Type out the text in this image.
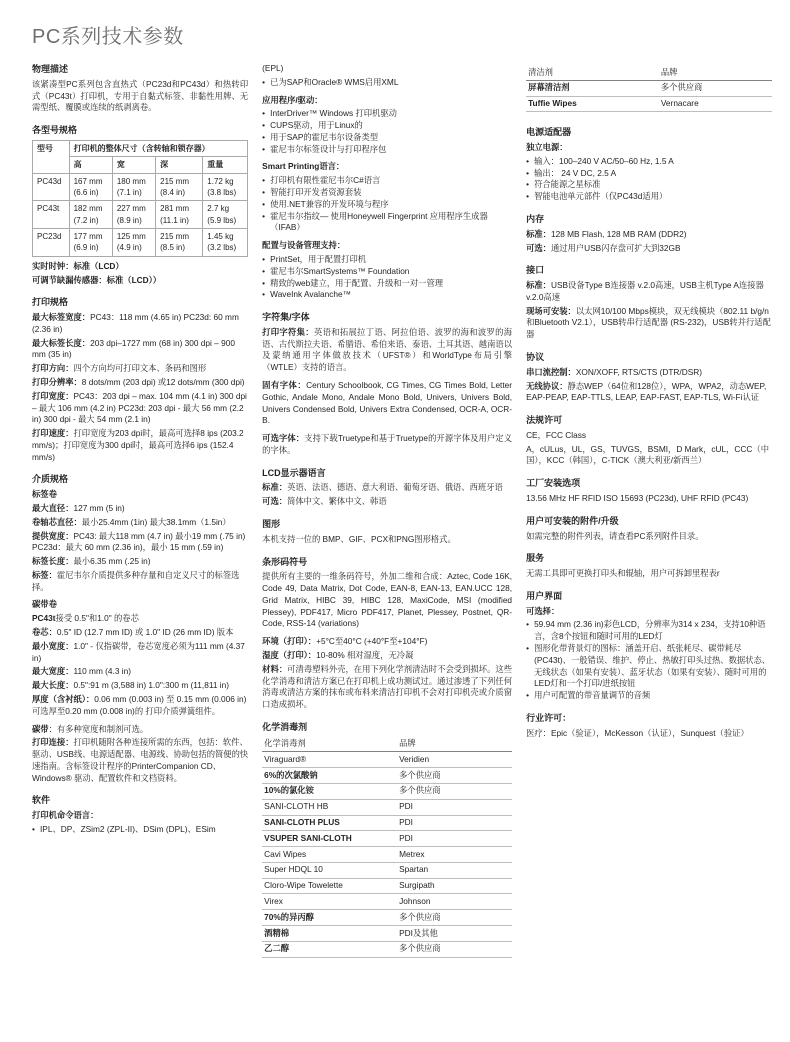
PC系列技术参数
物理描述

该紧凑型PC系列包含直热式（PC23d和PC43d）和热转印式（PC43t）打印机，专用于自黏式标签、非黏性用牌、无需型纸、覆膜或连续的纸剥离卷。

各型号规格
型号	打印机的整体尺寸（含转轴和锁存器）			
	高	宽	深	重量
PC43d	167 mm (6.6 in)	180 mm (7.1 in)	215 mm (8.4 in)	1.72 kg (3.8 lbs)
PC43t	182 mm (7.2 in)	227 mm (8.9 in)	281 mm (11.1 in)	2.7 kg (5.9 lbs)
PC23d	177 mm (6.9 in)	125 mm (4.9 in)	215 mm (8.5 in)	1.45 kg (3.2 lbs)

实时时钟：标准（LCD）

可调节缺漏传感器：标准（LCD））

打印规格

最大标签宽度：PC43：118 mm (4.65 in) PC23d: 60 mm (2.36 in)

最大标签长度：203 dpi–1727 mm (68 in) 300 dpi – 900 mm (35 in)

打印方向：四个方向均可打印文本、条码和图形

打印分辨率：8 dots/mm (203 dpi) 或12 dots/mm (300 dpi)

打印宽度：PC43：203 dpi – max. 104 mm (4.1 in) 300 dpi – 最大 106 mm (4.2 in) PC23d: 203 dpi - 最大 56 mm (2.2 in) 300 dpi - 最大 54 mm (2.1 in)

打印速度：打印宽度为203 dpi时，最高可选择8 ips (203.2 mm/s)；打印宽度为300 dpi时，最高可选择6 ips (152.4 mm/s)

介质规格

标签卷

最大直径：127 mm (5 in)

卷轴芯直径：最小25.4mm (1in) 最大38.1mm（1.5in）

提供宽度：PC43: 最大118 mm (4.7 in) 最小19 mm (.75 in) PC23d：最大 60 mm (2.36 in)，最小 15 mm (.59 in)

标签长度：最小6.35 mm (.25 in)

标签：霍尼韦尔介质提供多种存量和自定义尺寸的标签选择。

碳带卷

PC43t接受 0.5"和1.0" 的卷芯

卷芯：0.5" ID (12.7 mm ID) 或 1.0" ID (26 mm ID) 版本

最小宽度：1.0" - 仅指碳带，卷芯宽度必须为111 mm (4.37 in)

最大宽度：110 mm (4.3 in)

最大长度：0.5":91 m (3,588 in) 1.0":300 m (11,811 in)

厚度（含衬纸）：0.06 mm (0.003 in) 至 0.15 mm (0.006 in) 可选厚至0.20 mm (0.008 in)的 打印介质弹簧组件。

碳带：有多种宽度和制剂可选。

打印连接：打印机随附各种连接所需的东西，包括：软件、驱动、USB线、电源适配器、电源线、协助包括的简便的快速指南。含标签设计程序的PrinterCompanion CD、Windows® 驱动、配置软件和文档资料。

软件

打印机命令语言：

• IPL、DP、ZSim2 (ZPL-II)、DSim (DPL)、ESim

(EPL)

• 已为SAP和Oracle® WMS启用XML

应用程序/驱动：

• InterDriver™ Windows 打印机驱动
• CUPS驱动，用于Linux的
• 用于SAP的霍尼韦尔设备类型
• 霍尼韦尔标签设计与打印程序包

Smart Printing语言：

• 打印机有限性霍尼韦尔C#语言
• 智能打印开发者资源套装
• 使用.NET兼容的开发环境与程序
• 霍尼韦尔指纹— 使用Honeywell Fingerprint 应用程序生成器（IFAB）

配置与设备管理支持：

• PrintSet，用于配置打印机
• 霍尼韦尔SmartSystems™ Foundation
• 精致的web建立，用于配置、升级和一对一管理
• WaveInk Avalanche™
字符集/字体

打印字符集：英语和拓展拉丁语、阿拉伯语、波罗的海和波罗的海语、古代斯拉夫语、希腊语、希伯来语、泰语、土耳其语、越南语以及蒙纳通用字体做放技术（UFST®）和WorldType布局引擎（WTLE）支持的语言。

固有字体：Century Schoolbook, CG Times, CG Times Bold, Letter Gothic, Andale Mono, Andale Mono Bold, Univers, Univers Bold, Univers Condensed Bold, Univers Extra Condensed, OCR-A, OCR-B.

可选字体：支持下载Truetype和基于Truetype的开源字体及用户定义的字体。

LCD显示器语言

标准：英语、法语、德语、意大利语、葡萄牙语、俄语、西班牙语

可选：简体中文、繁体中文、韩语

图形

本机支持一位的 BMP、GIF、PCX和PNG图形格式。

条形码符号

提供所有主要的一维条码符号，外加二维和合成：Aztec, Code 16K, Code 49, Data Matrix, Dot Code, EAN-8, EAN-13, EAN.UCC 128, Grid Matrix, HIBC 39, HIBC 128, MaxiCode, MSI (modified Plessey), PDF417, Micro PDF417, Planet, Plessey, Postnet, QR-Code, RSS-14 (variations)

环境（打印）：+5°C至40°C (+40°F至+104°F)

湿度（打印）：10-80% 相对湿度，无冷凝

材料：可清毒塑料外壳，在用下列化学剂清洁时不会受到损坏。这些化学消毒和清洁方案已在打印机上成功测试过。通过渗透了下列任何消毒或清洁方案的抹布或布料来清洁打印机不会对打印机壳或介质窗口造成损坏。

化学消毒剂
化学消毒剂	品牌
Viraguard®	Veridien
6%的次氯酸钠	多个供应商
10%的氯化铵	多个供应商
SANI-CLOTH HB	PDI
SANI-CLOTH PLUS	PDI
VSUPER SANI-CLOTH	PDI
Cavi Wipes	Metrex
Super HDQL 10	Spartan
Cloro-Wipe Towelette	Surgipath
Virex	Johnson
70%的异丙醇	多个供应商
酒精棉	PDI及其他
乙二醇	多个供应商
清洁剂	品牌
屏幕清洁剂	多个供应商
Tuffie Wipes	Vernacare
电源适配器

独立电源：

• 输入：100–240 V AC/50–60 Hz, 1.5 A
• 输出： 24 V DC, 2.5 A
• 符合能源之星标准
• 智能电池单元部件（仅PC43d适用）
内存

标准：128 MB Flash, 128 MB RAM (DDR2)

可选：通过用户USB闪存盘可扩大到32GB

接口

标准：USB设备Type B连接器 v.2.0高速，USB主机Type A连接器 v.2.0高速

现场可安装：以太网10/100 Mbps模块，双无线模块（802.11 b/g/n和Bluetooth V2.1），USB转串行适配器 (RS-232)，USB转并行适配器

协议

串口流控制：XON/XOFF, RTS/CTS (DTR/DSR)

无线协议：静态WEP（64位和128位），WPA，WPA2，动态WEP, EAP-PEAP, EAP-TTLS, LEAP, EAP-FAST, EAP-TLS, Wi-Fi认证

法规许可

CE，FCC Class

A，cULus，UL，GS，TUVGS，BSMI，D Mark，cUL，CCC（中国），KCC（韩国），C-TICK（澳大利亚/新西兰）

工厂安装选项

13.56 MHz HF RFID ISO 15693 (PC23d), UHF RFID (PC43)

用户可安装的附件/升级

如需完整的附件列表，请查看PC系列附件目录。

服务

无需工具即可更换打印头和辊轴，用户可拆卸里程表r

用户界面

可选择：

• 59.94 mm (2.36 in)彩色LCD，分辨率为314 x 234，支持10种语言，含8个按钮和随时可用的LED灯
• 图形化带背景灯的图标：涵盖开启、纸张耗尽、碳带耗尽 (PC43t)、一般错误、维护、停止、热敏打印头过热、数据状态、无线状态（如果有安装）、蓝牙状态（如果有安装）、随时可用的LED灯和一个打印/进纸按钮
• 用户可配置的带音量调节的音频
行业许可：

医疗：Epic（验证），McKesson（认证），Sunquest（验证）
